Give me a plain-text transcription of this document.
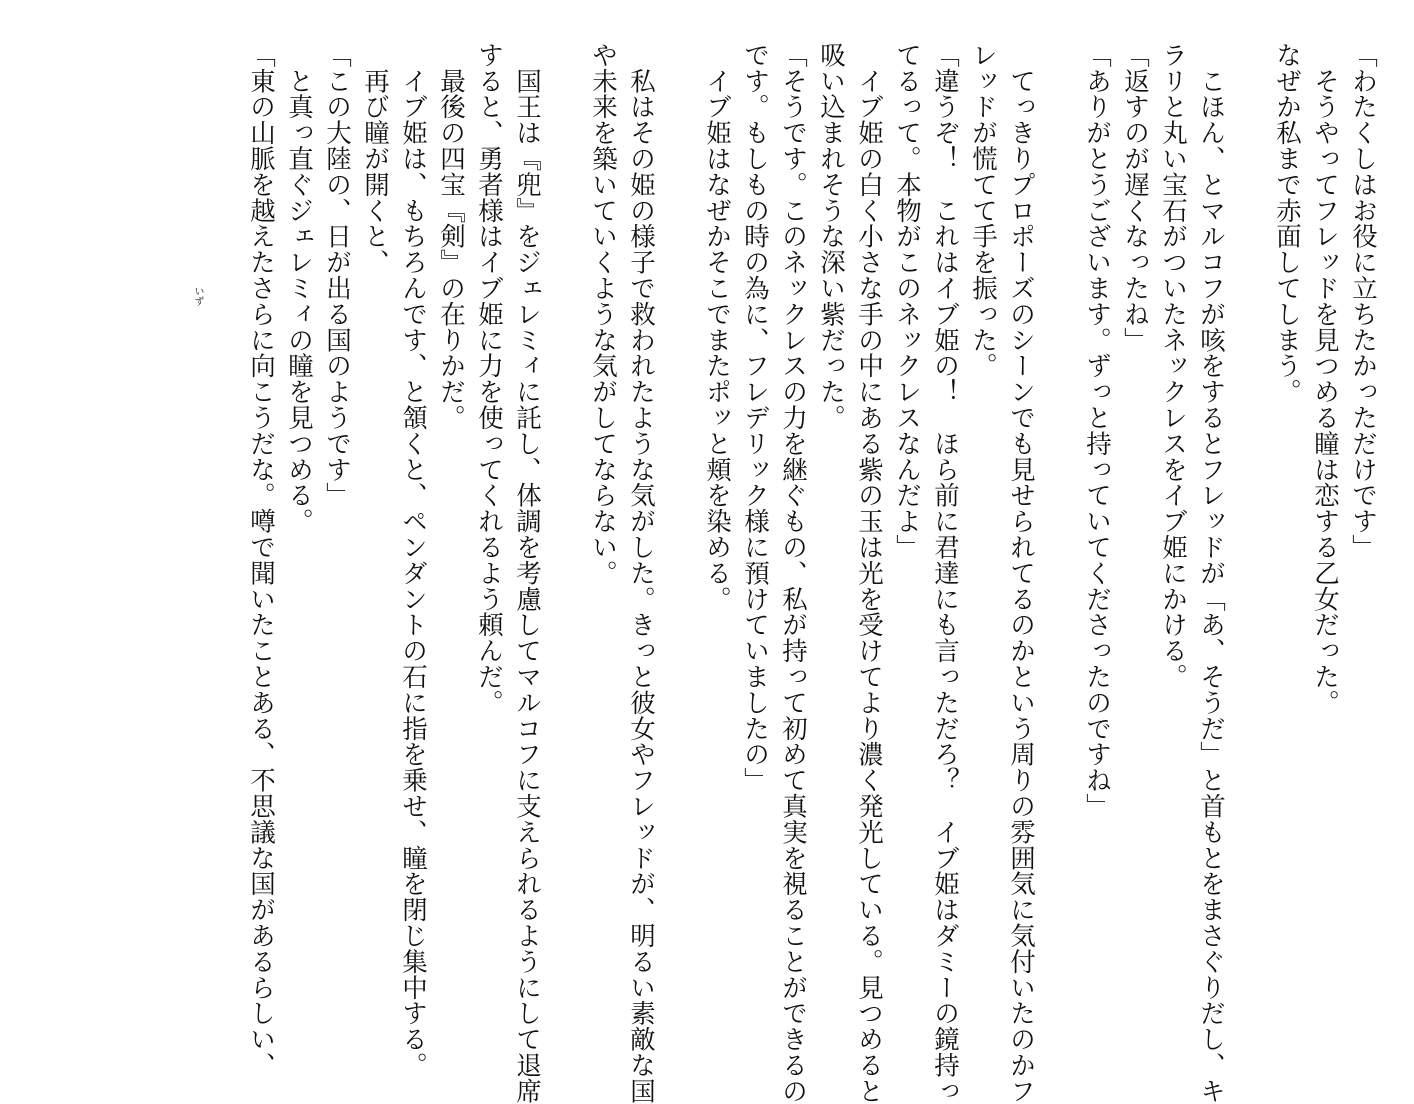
「わたくしはお役に立ちたかっただけです」
　そうやってフレッドを見つめる瞳は恋する乙女だった。
なぜか私まで赤面してしまう。
　こほん、とマルコフが咳をするとフレッドが「あ、そうだ」と首もとをまさぐりだし、キ
ラリと丸い宝石がついたネックレスをイブ姫にかける。
「返すのが遅くなったね」
「ありがとうございます。ずっと持っていてくださったのですね」
　てっきりプロポーズのシーンでも見せられてるのかという周りの雰囲気に気付いたのかフ
レッドが慌てて手を振った。
「違うぞ！　これはイブ姫の！　ほら前に君達にも言っただろ？　イブ姫はダミーの鏡持っ
てるって。本物がこのネックレスなんだよ」
　イブ姫の白く小さな手の中にある紫の玉は光を受けてより濃く発光している。見つめると
吸い込まれそうな深い紫だった。
「そうです。このネックレスの力を継ぐもの、私が持って初めて真実を視ることができるの
です。もしもの時の為に、フレデリック様に預けていましたの」
　イブ姫はなぜかそこでまたポッと頬を染める。
　私はその姫の様子で救われたような気がした。きっと彼女やフレッドが、明るい素敵な国
や未来を築いていくような気がしてならない。
　国王は『兜』をジェレミィに託し、体調を考慮してマルコフに支えられるようにして退席
すると、勇者様はイブ姫に力を使ってくれるよう頼んだ。
　最後の四宝『剣』の在りかだ。
　イブ姫は、もちろんです、と頷くと、ペンダントの石に指を乗せ、瞳を閉じ集中する。
　再び瞳が開くと、
「この大陸の、日が出る国のようです」
　と真っ直ぐジェレミィの瞳を見つめる。
「東の山脈を越えたさらに向こうだな。噂で聞いたことある、不思議な国があるらしい、
いず
